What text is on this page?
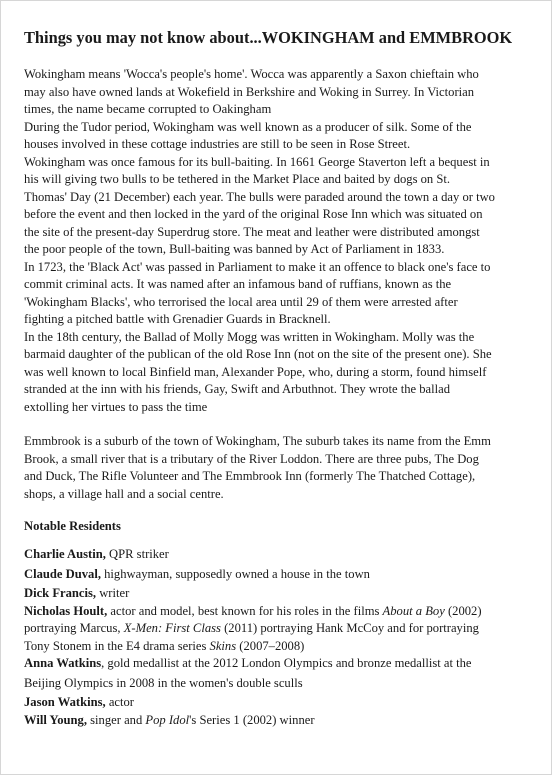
Things you may not know about...WOKINGHAM and EMMBROOK

Wokingham means 'Wocca's people's home'. Wocca was apparently a Saxon chieftain who
may also have owned lands at Wokefield in Berkshire and Woking in Surrey. In Victorian
times, the name became corrupted to Oakingham
During the Tudor period, Wokingham was well known as a producer of silk. Some of the
houses involved in these cottage industries are still to be seen in Rose Street.
Wokingham was once famous for its bull-baiting. In 1661 George Staverton left a bequest in
his will giving two bulls to be tethered in the Market Place and baited by dogs on St.
Thomas' Day (21 December) each year. The bulls were paraded around the town a day or two
before the event and then locked in the yard of the original Rose Inn which was situated on
the site of the present-day Superdrug store. The meat and leather were distributed amongst
the poor people of the town, Bull-baiting was banned by Act of Parliament in 1833.
In 1723, the 'Black Act' was passed in Parliament to make it an offence to black one's face to
commit criminal acts. It was named after an infamous band of ruffians, known as the
'Wokingham Blacks', who terrorised the local area until 29 of them were arrested after
fighting a pitched battle with Grenadier Guards in Bracknell.
In the 18th century, the Ballad of Molly Mogg was written in Wokingham. Molly was the
barmaid daughter of the publican of the old Rose Inn (not on the site of the present one). She
was well known to local Binfield man, Alexander Pope, who, during a storm, found himself
stranded at the inn with his friends, Gay, Swift and Arbuthnot. They wrote the ballad
extolling her virtues to pass the time

Emmbrook is a suburb of the town of Wokingham, The suburb takes its name from the Emm
Brook, a small river that is a tributary of the River Loddon. There are three pubs, The Dog
and Duck, The Rifle Volunteer and The Emmbrook Inn (formerly The Thatched Cottage),
shops, a village hall and a social centre.

Notable Residents
Charlie Austin, QPR striker
Claude Duval, highwayman, supposedly owned a house in the town
Dick Francis, writer
Nicholas Hoult, actor and model, best known for his roles in the films About a Boy (2002)
portraying Marcus, X-Men: First Class (2011) portraying Hank McCoy and for portraying
Tony Stonem in the E4 drama series Skins (2007–2008)
Anna Watkins, gold medallist at the 2012 London Olympics and bronze medallist at the
Beijing Olympics in 2008 in the women's double sculls
Jason Watkins, actor
Will Young, singer and Pop Idol's Series 1 (2002) winner
